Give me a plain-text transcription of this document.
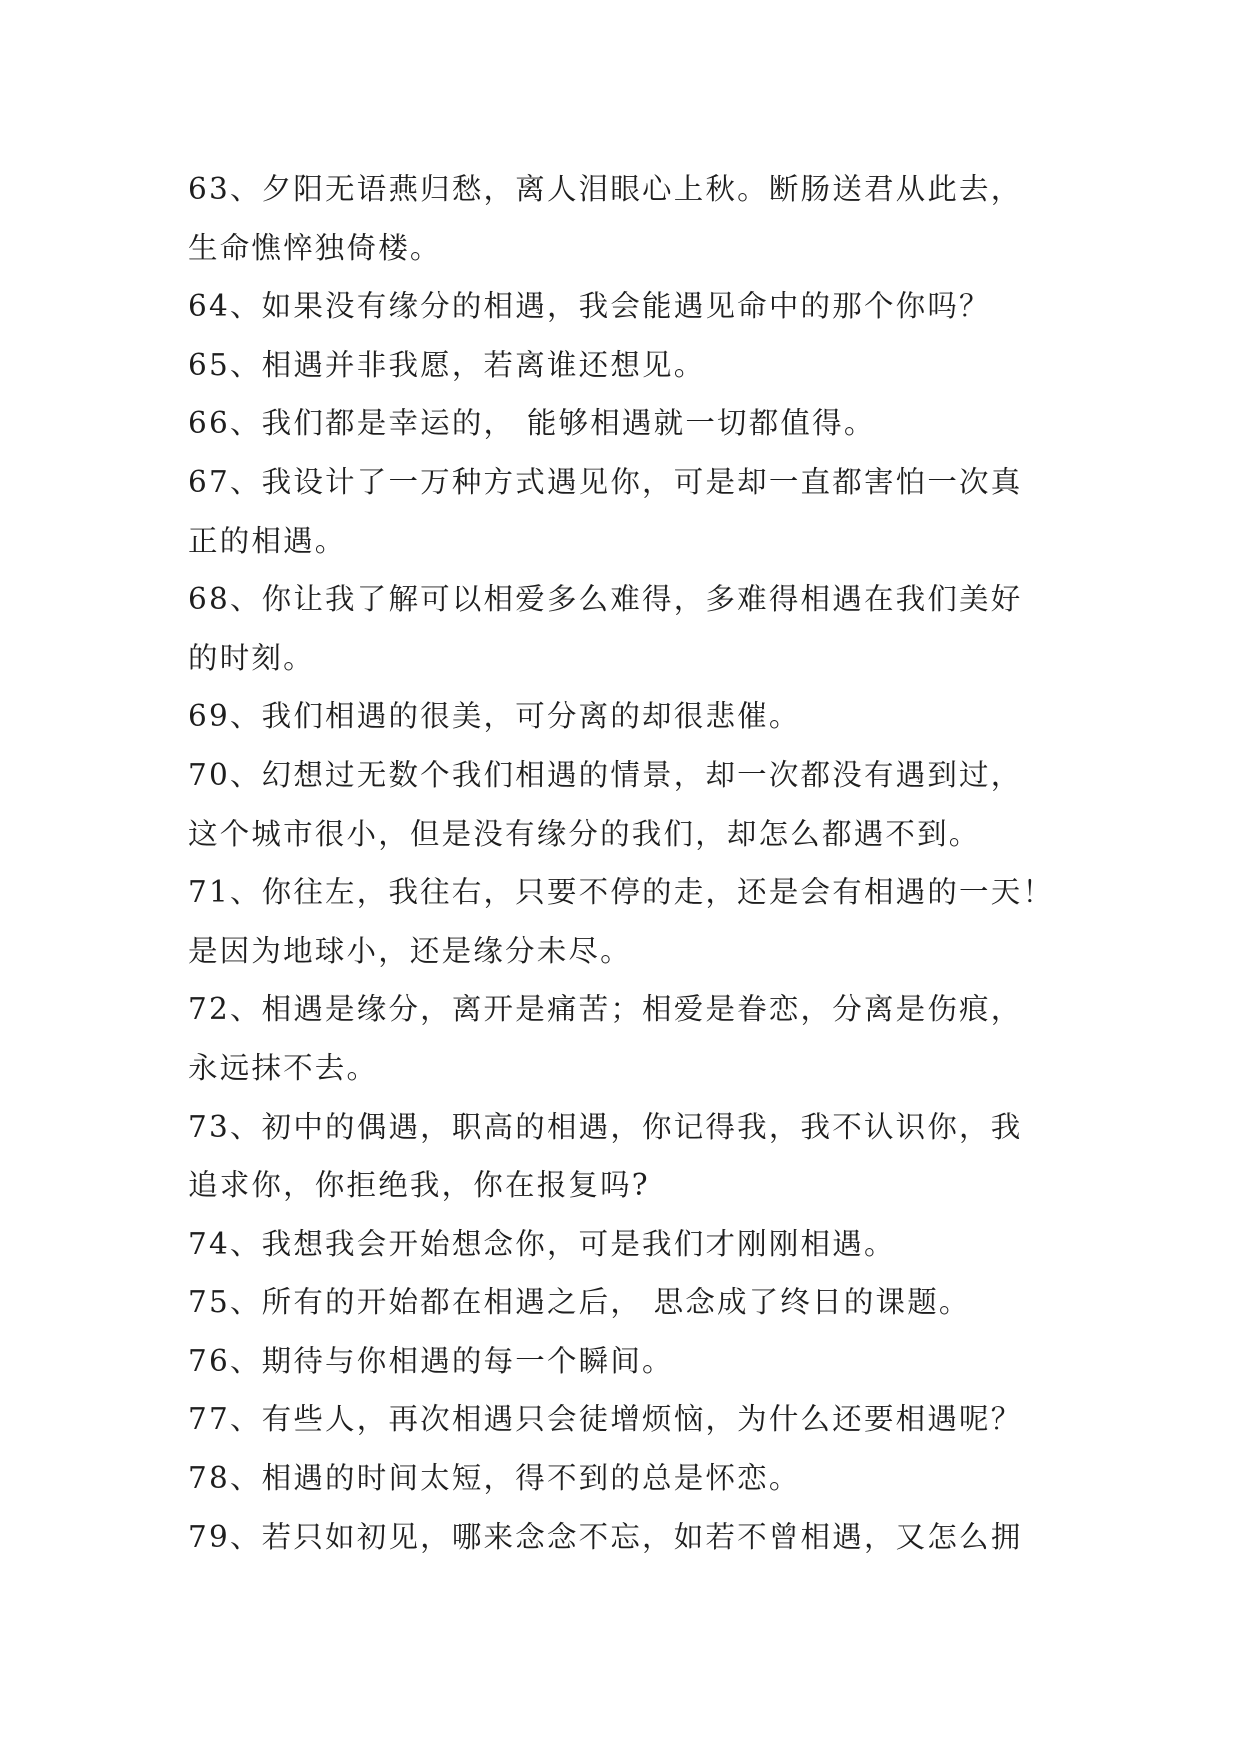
63、夕阳无语燕归愁，离人泪眼心上秋。断肠送君从此去，
生命憔悴独倚楼。
64、如果没有缘分的相遇，我会能遇见命中的那个你吗？
65、相遇并非我愿，若离谁还想见。
66、我们都是幸运的， 能够相遇就一切都值得。
67、我设计了一万种方式遇见你，可是却一直都害怕一次真
正的相遇。
68、你让我了解可以相爱多么难得，多难得相遇在我们美好
的时刻。
69、我们相遇的很美，可分离的却很悲催。
70、幻想过无数个我们相遇的情景，却一次都没有遇到过，
这个城市很小，但是没有缘分的我们，却怎么都遇不到。
71、你往左，我往右，只要不停的走，还是会有相遇的一天！
是因为地球小，还是缘分未尽。
72、相遇是缘分，离开是痛苦；相爱是眷恋，分离是伤痕，
永远抹不去。
73、初中的偶遇，职高的相遇，你记得我，我不认识你，我
追求你，你拒绝我，你在报复吗?
74、我想我会开始想念你，可是我们才刚刚相遇。
75、所有的开始都在相遇之后， 思念成了终日的课题。
76、期待与你相遇的每一个瞬间。
77、有些人，再次相遇只会徒增烦恼，为什么还要相遇呢？
78、相遇的时间太短，得不到的总是怀恋。
79、若只如初见，哪来念念不忘，如若不曾相遇，又怎么拥
